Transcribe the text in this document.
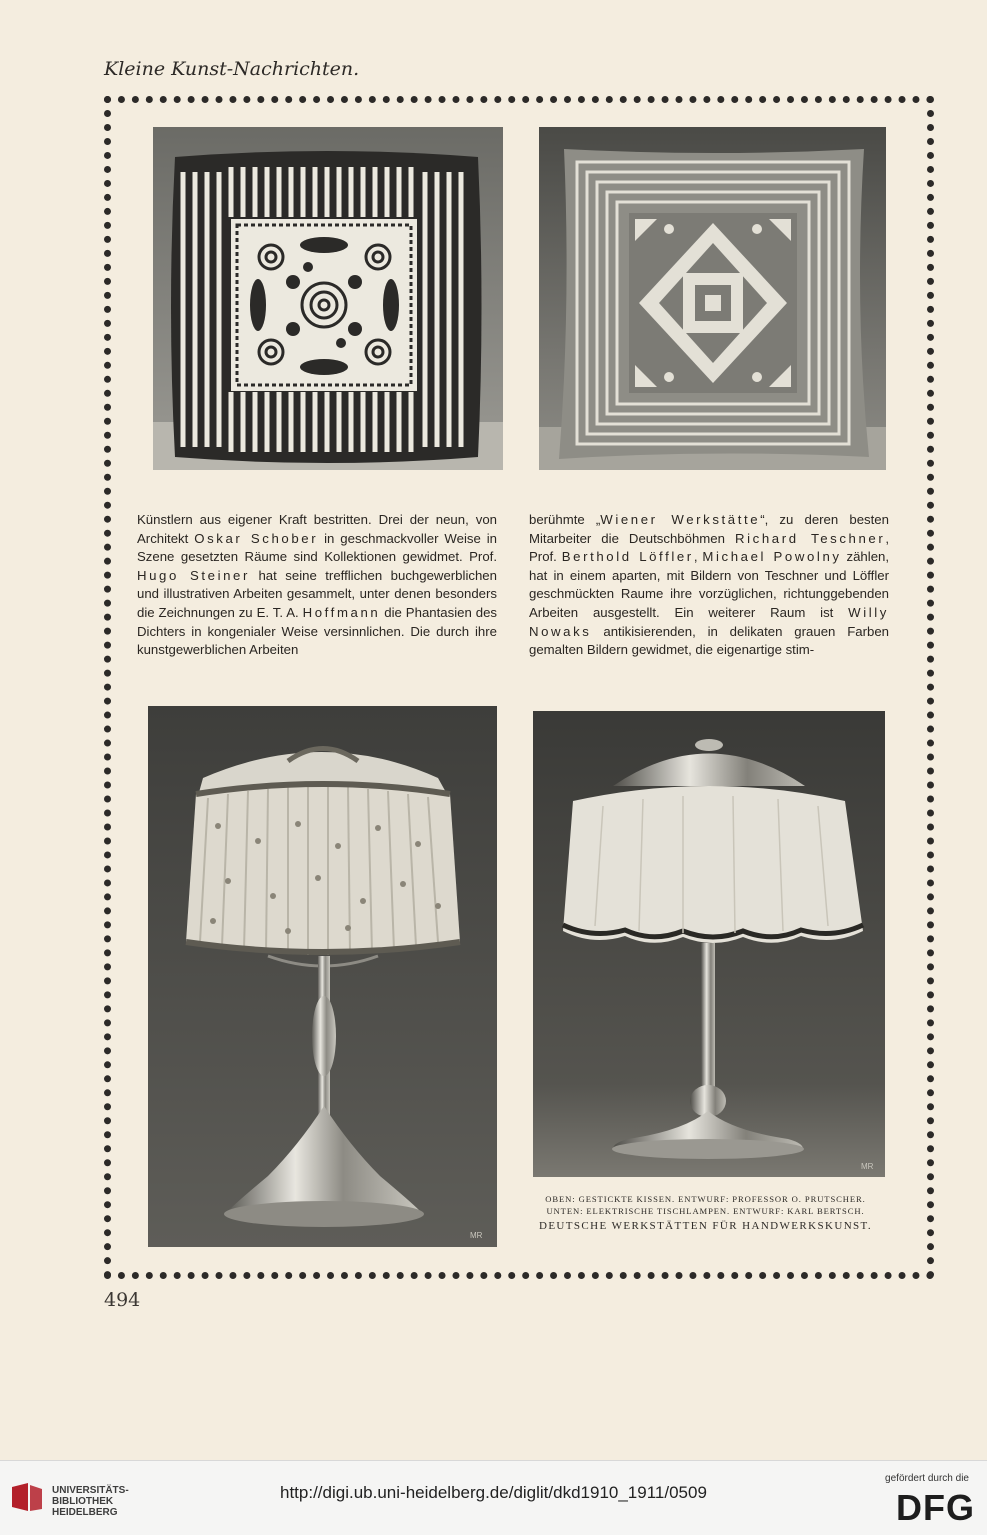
Kleine Kunst-Nachrichten.

Künstlern aus eigener Kraft bestritten. Drei der neun, von Architekt Oskar Schober in geschmackvoller Weise in Szene gesetzten Räume sind Kollektionen gewidmet. Prof. Hugo Steiner hat seine trefflichen buchgewerblichen und illustrativen Arbeiten gesammelt, unter denen besonders die Zeichnungen zu E. T. A. Hoffmann die Phantasien des Dichters in kongenialer Weise versinnlichen. Die durch ihre kunstgewerblichen Arbeiten

berühmte „Wiener Werkstätte“, zu deren besten Mitarbeiter die Deutschböhmen Richard Teschner, Prof. Berthold Löffler, Michael Powolny zählen, hat in einem aparten, mit Bildern von Teschner und Löffler geschmückten Raume ihre vorzüglichen, richtunggebenden Arbeiten ausgestellt. Ein weiterer Raum ist Willy Nowaks antikisierenden, in delikaten grauen Farben gemalten Bildern gewidmet, die eigenartige stim-

MR
MR
OBEN: GESTICKTE KISSEN. ENTWURF: PROFESSOR O. PRUTSCHER.
UNTEN: ELEKTRISCHE TISCHLAMPEN. ENTWURF: KARL BERTSCH.
DEUTSCHE WERKSTÄTTEN FÜR HANDWERKSKUNST.
494
UNIVERSITÄTS-
BIBLIOTHEK
HEIDELBERG
http://digi.ub.uni-heidelberg.de/diglit/dkd1910_1911/0509
gefördert durch die
DFG
